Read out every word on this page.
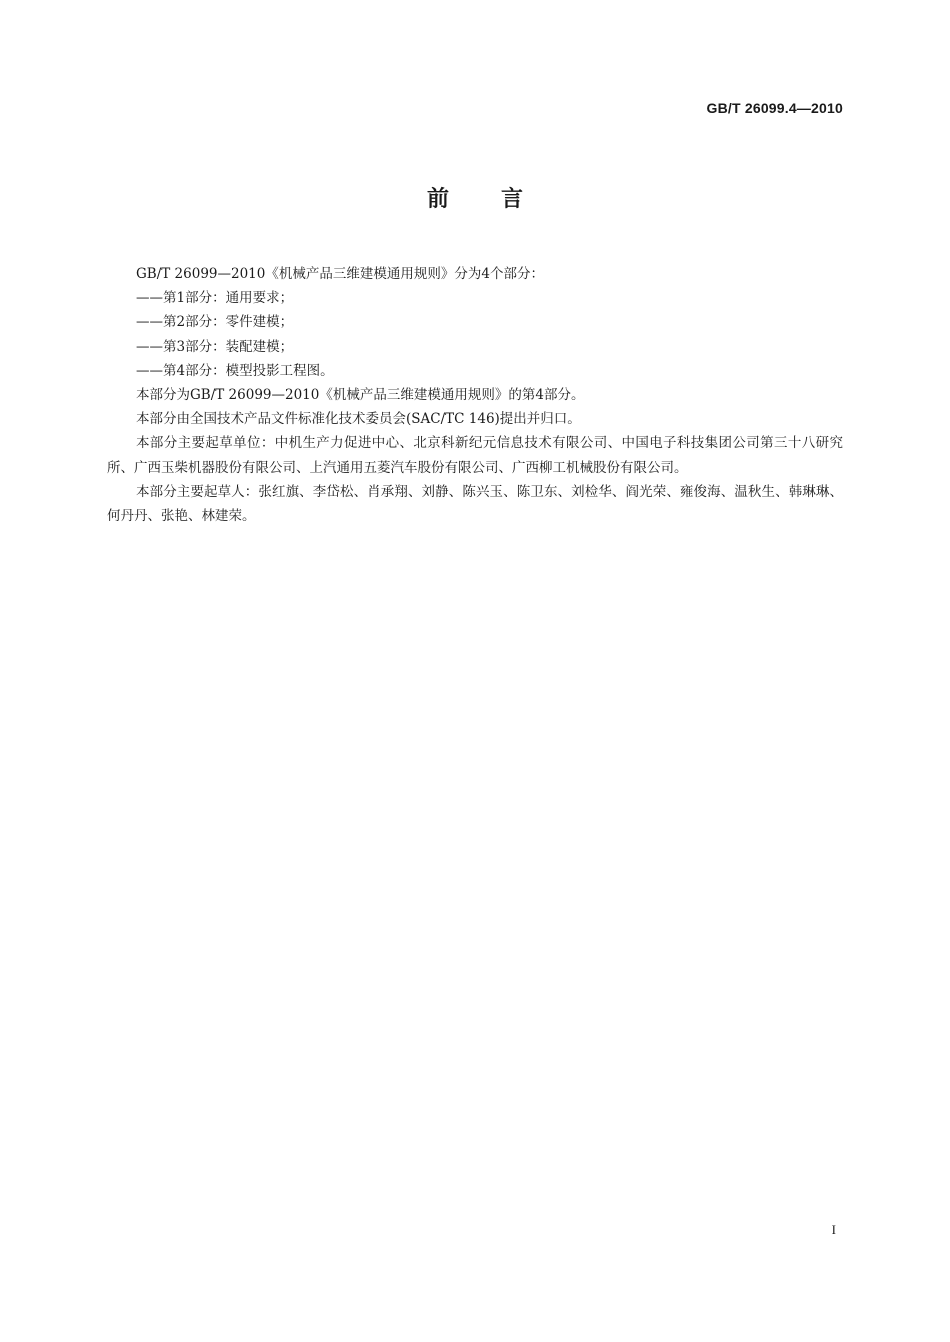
GB/T 26099.4—2010
前言

GB/T 26099—2010《机械产品三维建模通用规则》分为4个部分：

——第1部分：通用要求；

——第2部分：零件建模；

——第3部分：装配建模；

——第4部分：模型投影工程图。

本部分为GB/T 26099—2010《机械产品三维建模通用规则》的第4部分。

本部分由全国技术产品文件标准化技术委员会(SAC/TC 146)提出并归口。

本部分主要起草单位：中机生产力促进中心、北京科新纪元信息技术有限公司、中国电子科技集团公司第三十八研究所、广西玉柴机器股份有限公司、上汽通用五菱汽车股份有限公司、广西柳工机械股份有限公司。

本部分主要起草人：张红旗、李岱松、肖承翔、刘静、陈兴玉、陈卫东、刘检华、阎光荣、雍俊海、温秋生、韩琳琳、何丹丹、张艳、林建荣。

I
